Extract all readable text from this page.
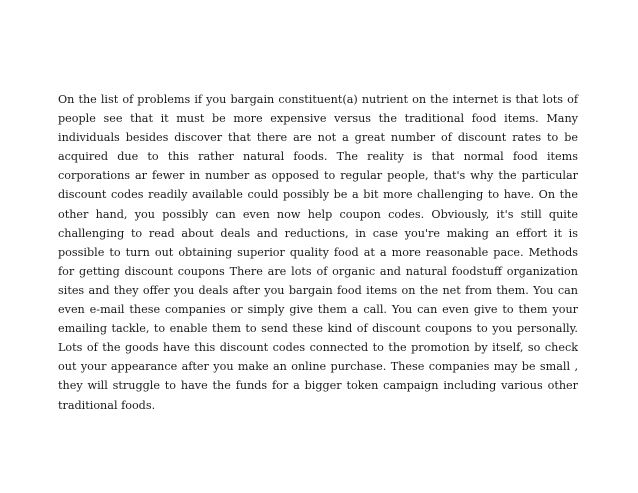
On the list of problems if you bargain constituent(a) nutrient on the internet is that lots of people see that it must be more expensive versus the traditional food items. Many individuals besides discover that there are not a great number of discount rates to be acquired due to this rather natural foods. The reality is that normal food items corporations ar fewer in number as opposed to regular people, that's why the particular discount codes readily available could possibly be a bit more challenging to have. On the other hand, you possibly can even now help coupon codes. Obviously, it's still quite challenging to read about deals and reductions, in case you're making an effort it is possible to turn out obtaining superior quality food at a more reasonable pace. Methods for getting discount coupons There are lots of organic and natural foodstuff organization sites and they offer you deals after you bargain food items on the net from them. You can even e-mail these companies or simply give them a call. You can even give to them your emailing tackle, to enable them to send these kind of discount coupons to you personally. Lots of the goods have this discount codes connected to the promotion by itself, so check out your appearance after you make an online purchase. These companies may be small , they will struggle to have the funds for a bigger token campaign including various other traditional foods.
